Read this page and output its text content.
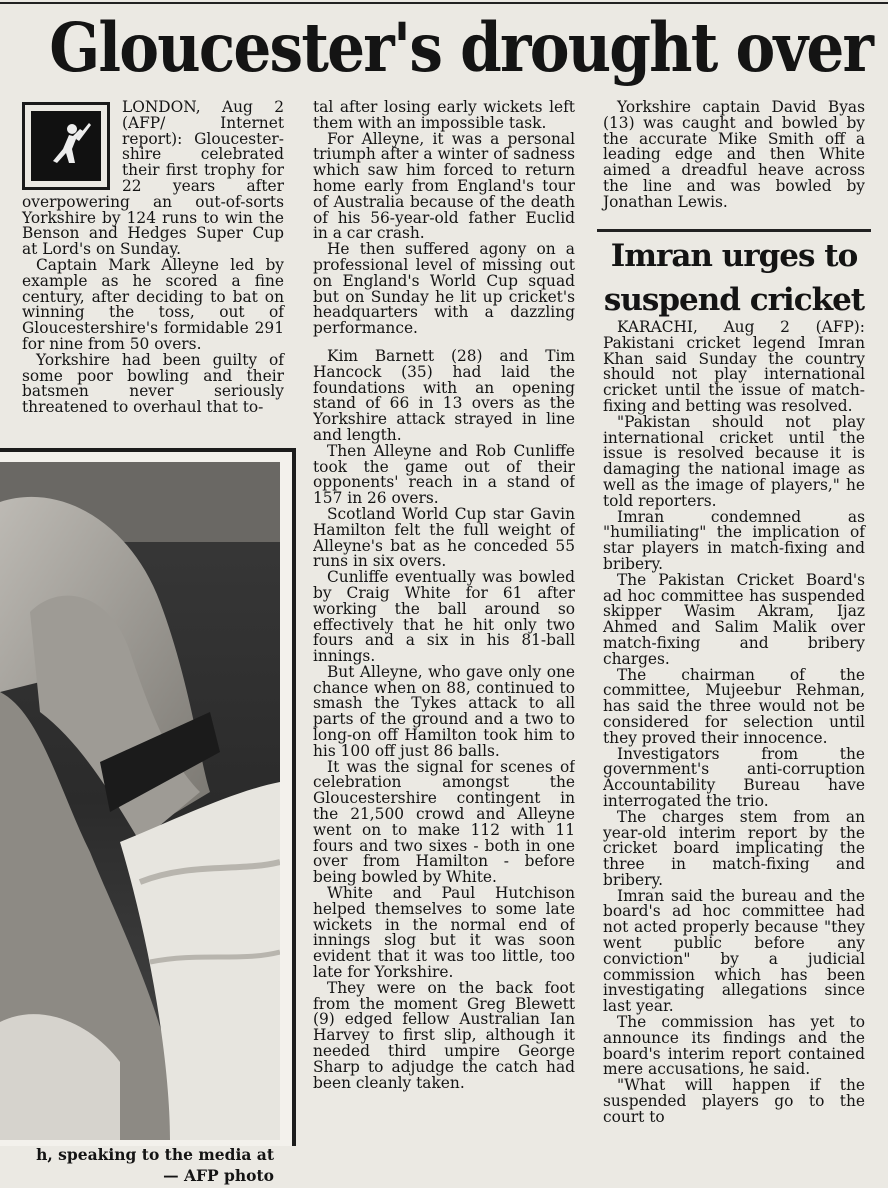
Gloucester's drought over

LONDON, Aug 2 (AFP/ Internet report): Gloucester-shire celebrated their first trophy for 22 years after overpowering an out-of-sorts Yorkshire by 124 runs to win the Benson and Hedges Super Cup at Lord's on Sunday.

Captain Mark Alleyne led by example as he scored a fine century, after deciding to bat on winning the toss, out of Gloucestershire's formidable 291 for nine from 50 overs.

Yorkshire had been guilty of some poor bowling and their batsmen never seriously threatened to overhaul that to-

h, speaking to the media at
— AFP photo

tal after losing early wickets left them with an impossible task.

For Alleyne, it was a personal triumph after a winter of sadness which saw him forced to return home early from England's tour of Australia because of the death of his 56-year-old father Euclid in a car crash.

He then suffered agony on a professional level of missing out on England's World Cup squad but on Sunday he lit up cricket's headquarters with a dazzling performance.

Kim Barnett (28) and Tim Hancock (35) had laid the foundations with an opening stand of 66 in 13 overs as the Yorkshire attack strayed in line and length.

Then Alleyne and Rob Cunliffe took the game out of their opponents' reach in a stand of 157 in 26 overs.

Scotland World Cup star Gavin Hamilton felt the full weight of Alleyne's bat as he conceded 55 runs in six overs.

Cunliffe eventually was bowled by Craig White for 61 after working the ball around so effectively that he hit only two fours and a six in his 81-ball innings.

But Alleyne, who gave only one chance when on 88, continued to smash the Tykes attack to all parts of the ground and a two to long-on off Hamilton took him to his 100 off just 86 balls.

It was the signal for scenes of celebration amongst the Gloucestershire contingent in the 21,500 crowd and Alleyne went on to make 112 with 11 fours and two sixes - both in one over from Hamilton - before being bowled by White.

White and Paul Hutchison helped themselves to some late wickets in the normal end of innings slog but it was soon evident that it was too little, too late for Yorkshire.

They were on the back foot from the moment Greg Blewett (9) edged fellow Australian Ian Harvey to first slip, although it needed third umpire George Sharp to adjudge the catch had been cleanly taken.

Yorkshire captain David Byas (13) was caught and bowled by the accurate Mike Smith off a leading edge and then White aimed a dreadful heave across the line and was bowled by Jonathan Lewis.

Imran urges to suspend cricket

KARACHI, Aug 2 (AFP): Pakistani cricket legend Imran Khan said Sunday the country should not play international cricket until the issue of match-fixing and betting was resolved.

"Pakistan should not play international cricket until the issue is resolved because it is damaging the national image as well as the image of players," he told reporters.

Imran condemned as "humiliating" the implication of star players in match-fixing and bribery.

The Pakistan Cricket Board's ad hoc committee has suspended skipper Wasim Akram, Ijaz Ahmed and Salim Malik over match-fixing and bribery charges.

The chairman of the committee, Mujeebur Rehman, has said the three would not be considered for selection until they proved their innocence.

Investigators from the government's anti-corruption Accountability Bureau have interrogated the trio.

The charges stem from an year-old interim report by the cricket board implicating the three in match-fixing and bribery.

Imran said the bureau and the board's ad hoc committee had not acted properly because "they went public before any conviction" by a judicial commission which has been investigating allegations since last year.

The commission has yet to announce its findings and the board's interim report contained mere accusations, he said.

"What will happen if the suspended players go to the court to
